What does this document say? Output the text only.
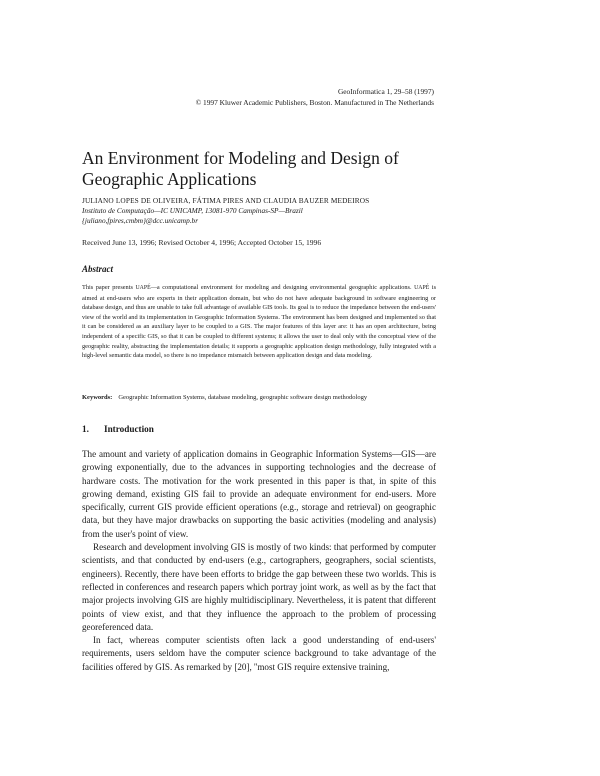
GeoInformatica 1, 29–58 (1997)
© 1997 Kluwer Academic Publishers, Boston. Manufactured in The Netherlands
An Environment for Modeling and Design of Geographic Applications
JULIANO LOPES DE OLIVEIRA, FÁTIMA PIRES AND CLAUDIA BAUZER MEDEIROS
Instituto de Computação—IC UNICAMP, 13081-970 Campinas-SP—Brazil
{juliano,fpires,cmbm}@dcc.unicamp.br
Received June 13, 1996; Revised October 4, 1996; Accepted October 15, 1996
Abstract
This paper presents UAPÉ—a computational environment for modeling and designing environmental geographic applications. UAPÉ is aimed at end-users who are experts in their application domain, but who do not have adequate background in software engineering or database design, and thus are unable to take full advantage of available GIS tools. Its goal is to reduce the impedance between the end-users' view of the world and its implementation in Geographic Information Systems. The environment has been designed and implemented so that it can be considered as an auxiliary layer to be coupled to a GIS. The major features of this layer are: it has an open architecture, being independent of a specific GIS, so that it can be coupled to different systems; it allows the user to deal only with the conceptual view of the geographic reality, abstracting the implementation details; it supports a geographic application design methodology, fully integrated with a high-level semantic data model, so there is no impedance mismatch between application design and data modeling.
Keywords: Geographic Information Systems, database modeling, geographic software design methodology
1. Introduction

The amount and variety of application domains in Geographic Information Systems—GIS—are growing exponentially, due to the advances in supporting technologies and the decrease of hardware costs. The motivation for the work presented in this paper is that, in spite of this growing demand, existing GIS fail to provide an adequate environment for end-users. More specifically, current GIS provide efficient operations (e.g., storage and retrieval) on geographic data, but they have major drawbacks on supporting the basic activities (modeling and analysis) from the user's point of view.

Research and development involving GIS is mostly of two kinds: that performed by computer scientists, and that conducted by end-users (e.g., cartographers, geographers, social scientists, engineers). Recently, there have been efforts to bridge the gap between these two worlds. This is reflected in conferences and research papers which portray joint work, as well as by the fact that major projects involving GIS are highly multidisciplinary. Nevertheless, it is patent that different points of view exist, and that they influence the approach to the problem of processing georeferenced data.

In fact, whereas computer scientists often lack a good understanding of end-users' requirements, users seldom have the computer science background to take advantage of the facilities offered by GIS. As remarked by [20], ''most GIS require extensive training,
